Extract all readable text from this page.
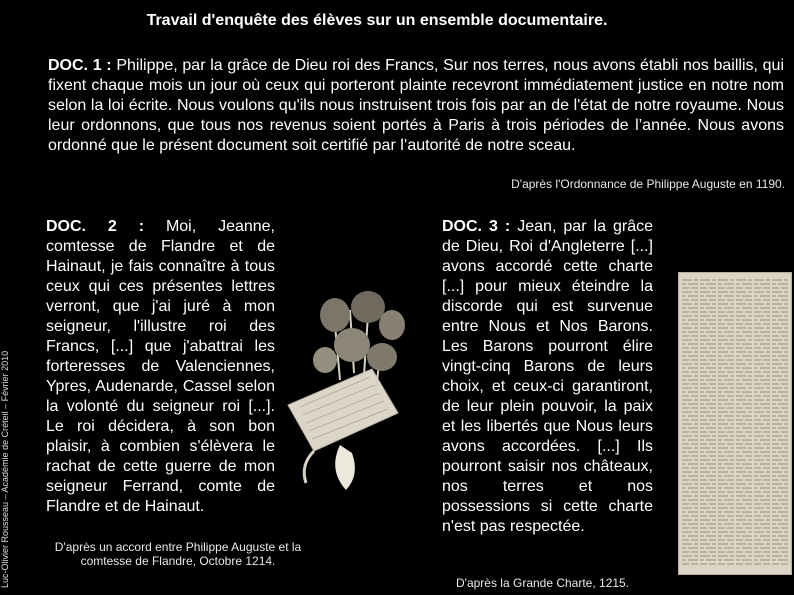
Travail d'enquête des élèves sur un ensemble documentaire.
DOC. 1 : Philippe, par la grâce de Dieu roi des Francs, Sur nos terres, nous avons établi nos baillis, qui fixent chaque mois un jour où ceux qui porteront plainte recevront immédiatement justice en notre nom selon la loi écrite. Nous voulons qu'ils nous instruisent trois fois par an de l'état de notre royaume. Nous leur ordonnons, que tous nos revenus soient portés à Paris à trois périodes de l’année. Nous avons ordonné que le présent document soit certifié par l’autorité de notre sceau.
D'après l'Ordonnance de Philippe Auguste en 1190.
Luc-Olivier Rousseau – Académie de Créteil – Février 2010
DOC. 2 : Moi, Jeanne, comtesse de Flandre et de Hainaut, je fais connaître à tous ceux qui ces présentes lettres verront, que j'ai juré à mon seigneur, l'illustre roi des Francs, [...] que j'abattrai les forteresses de Valenciennes, Ypres, Audenarde, Cassel selon la volonté du seigneur roi [...]. Le roi décidera, à son bon plaisir, à combien s'élèvera le rachat de cette guerre de mon seigneur Ferrand, comte de Flandre et de Hainaut.
D'après un accord entre Philippe Auguste et la comtesse de Flandre, Octobre 1214.
DOC. 3 : Jean, par la grâce de Dieu, Roi d'Angleterre [...] avons accordé cette charte [...] pour mieux éteindre la discorde qui est survenue entre Nous et Nos Barons. Les Barons pourront élire vingt-cinq Barons de leurs choix, et ceux-ci garantiront, de leur plein pouvoir, la paix et les libertés que Nous leurs avons accordées. [...] Ils pourront saisir nos châteaux, nos terres et nos possessions si cette charte n'est pas respectée.
D'après la Grande Charte, 1215.
